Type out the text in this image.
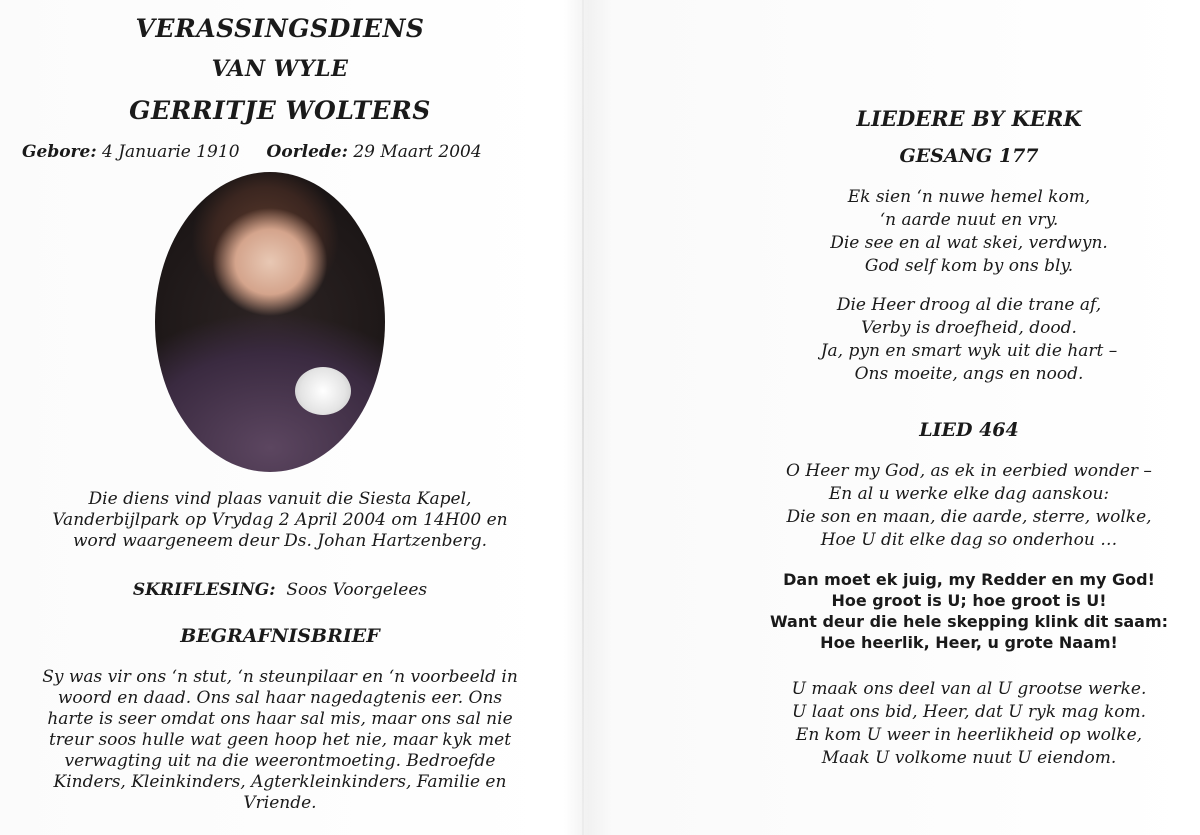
VERASSINGSDIENS
VAN WYLE
GERRITJE WOLTERS
Gebore: 4 Januarie 1910 Oorlede: 29 Maart 2004
Die diens vind plaas vanuit die Siesta Kapel,
Vanderbijlpark op Vrydag 2 April 2004 om 14H00 en
word waargeneem deur Ds. Johan Hartzenberg.
SKRIFLESING: Soos Voorgelees
BEGRAFNISBRIEF
Sy was vir ons ‘n stut, ‘n steunpilaar en ‘n voorbeeld in
woord en daad. Ons sal haar nagedagtenis eer. Ons
harte is seer omdat ons haar sal mis, maar ons sal nie
treur soos hulle wat geen hoop het nie, maar kyk met
verwagting uit na die weerontmoeting. Bedroefde
Kinders, Kleinkinders, Agterkleinkinders, Familie en
Vriende.
LIEDERE BY KERK
GESANG 177
Ek sien ‘n nuwe hemel kom,
‘n aarde nuut en vry.
Die see en al wat skei, verdwyn.
God self kom by ons bly.
Die Heer droog al die trane af,
Verby is droefheid, dood.
Ja, pyn en smart wyk uit die hart –
Ons moeite, angs en nood.
LIED 464
O Heer my God, as ek in eerbied wonder –
En al u werke elke dag aanskou:
Die son en maan, die aarde, sterre, wolke,
Hoe U dit elke dag so onderhou …
Dan moet ek juig, my Redder en my God!
Hoe groot is U; hoe groot is U!
Want deur die hele skepping klink dit saam:
Hoe heerlik, Heer, u grote Naam!
U maak ons deel van al U grootse werke.
U laat ons bid, Heer, dat U ryk mag kom.
En kom U weer in heerlikheid op wolke,
Maak U volkome nuut U eiendom.
